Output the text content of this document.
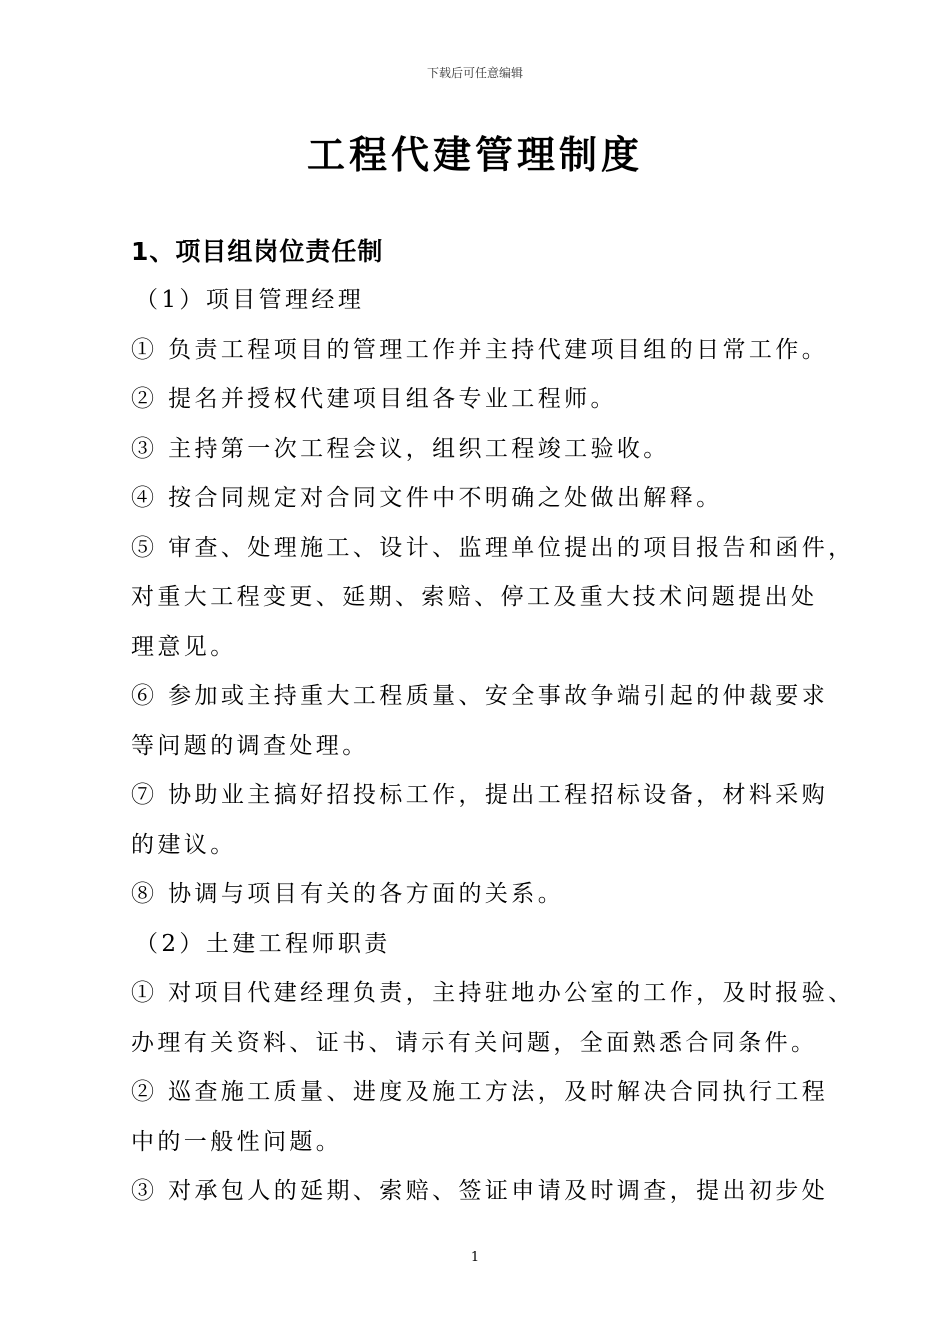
下载后可任意编辑
工程代建管理制度
1、项目组岗位责任制
（1）项目管理经理
① 负责工程项目的管理工作并主持代建项目组的日常工作。
② 提名并授权代建项目组各专业工程师。
③ 主持第一次工程会议，组织工程竣工验收。
④ 按合同规定对合同文件中不明确之处做出解释。
⑤ 审查、处理施工、设计、监理单位提出的项目报告和函件，
对重大工程变更、延期、索赔、停工及重大技术问题提出处
理意见。
⑥ 参加或主持重大工程质量、安全事故争端引起的仲裁要求
等问题的调查处理。
⑦ 协助业主搞好招投标工作，提出工程招标设备，材料采购
的建议。
⑧ 协调与项目有关的各方面的关系。
（2）土建工程师职责
① 对项目代建经理负责，主持驻地办公室的工作，及时报验、
办理有关资料、证书、请示有关问题，全面熟悉合同条件。
② 巡查施工质量、进度及施工方法，及时解决合同执行工程
中的一般性问题。
③ 对承包人的延期、索赔、签证申请及时调查，提出初步处
1
